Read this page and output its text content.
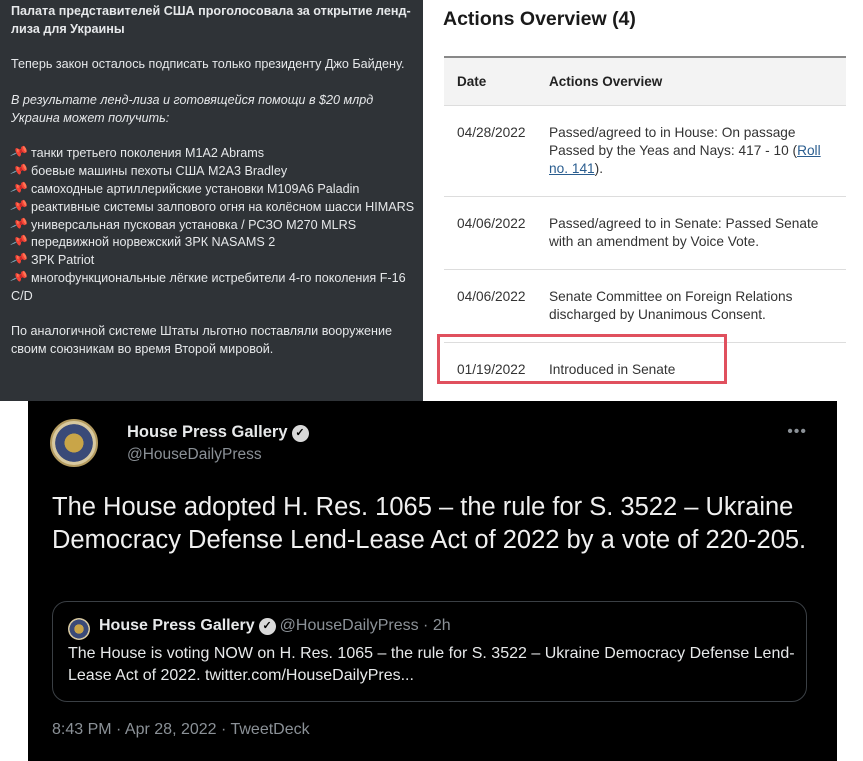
Палата представителей США проголосовала за открытие ленд-лиза для Украины

Теперь закон осталось подписать только президенту Джо Байдену.

В результате ленд-лиза и готовящейся помощи в $20 млрд Украина может получить:

📌 танки третьего поколения M1A2 Abrams
📌 боевые машины пехоты США M2A3 Bradley
📌 самоходные артиллерийские установки M109A6 Paladin
📌 реактивные системы залпового огня на колёсном шасси HIMARS
📌 универсальная пусковая установка / РСЗО M270 MLRS
📌 передвижной норвежский ЗРК NASAMS 2
📌 ЗРК Patriot
📌 многофункциональные лёгкие истребители 4-го поколения F-16 C/D

По аналогичной системе Штаты льготно поставляли вооружение своим союзникам во время Второй мировой.

Actions Overview (4)
Date	Actions Overview
04/28/2022	Passed/agreed to in House: On passage Passed by the Yeas and Nays: 417 - 10 (Roll no. 141).
04/06/2022	Passed/agreed to in Senate: Passed Senate with an amendment by Voice Vote.
04/06/2022	Senate Committee on Foreign Relations discharged by Unanimous Consent.
01/19/2022	Introduced in Senate
House Press Gallery ✓
@HouseDailyPress
•••
The House adopted H. Res. 1065 – the rule for S. 3522 – Ukraine Democracy Defense Lend-Lease Act of 2022 by a vote of 220-205.
House Press Gallery ✓ @HouseDailyPress · 2h
The House is voting NOW on H. Res. 1065 – the rule for S. 3522 – Ukraine Democracy Defense Lend-Lease Act of 2022. twitter.com/HouseDailyPres...
8:43 PM · Apr 28, 2022 · TweetDeck
